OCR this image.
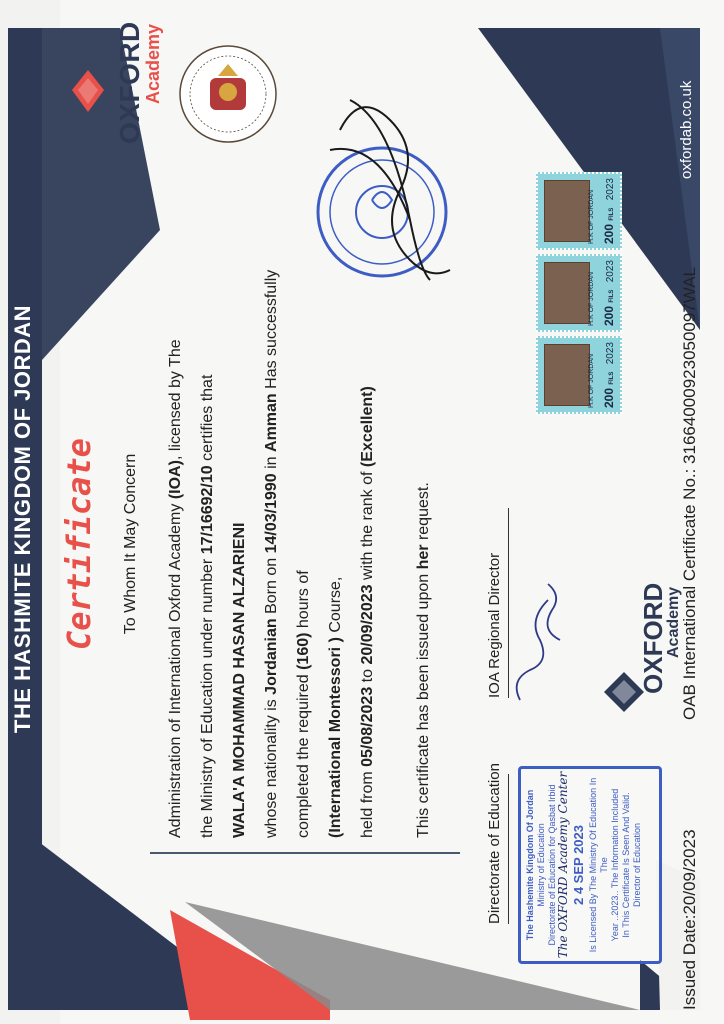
THE HASHMITE KINGDOM OF JORDAN
OXFORD
Academy
Certificate To Whom It May Concern	Administration of International Oxford Academy (IOA), licensed by The
the Ministry of Education under number 17/16692/10 certifies that
WALA'A MOHAMMAD HASAN ALZARIENI whose nationality is Jordanian Born on 14/03/1990 in Amman Has successfully
completed the required (160) hours of
(International Montessori ) Course,
held from 05/08/2023 to 20/09/2023 with the rank of (Excellent)
This certificate has been issued upon her request.
Directorate of Education
IOA Regional Director	OXFORD
Academy
The Hashemite Kingdom Of Jordan Ministry of Education Directorate of Education for Qasbat Irbid The OXFORD Academy Center 2 4 SEP 2023 Is Licensed By The Ministry Of Education In The Year ..2023.. The Information Included In This Certificate Is Seen And Valid. Director of Education
H.K OF JORDAN 200 FILS
2023
H.K OF JORDAN 200 FILS
2023
H.K OF JORDAN 200 FILS
2023
Issued Date:20/09/2023
OAB International Certificate No.: 31664000923050097WAL
oxfordab.co.uk
